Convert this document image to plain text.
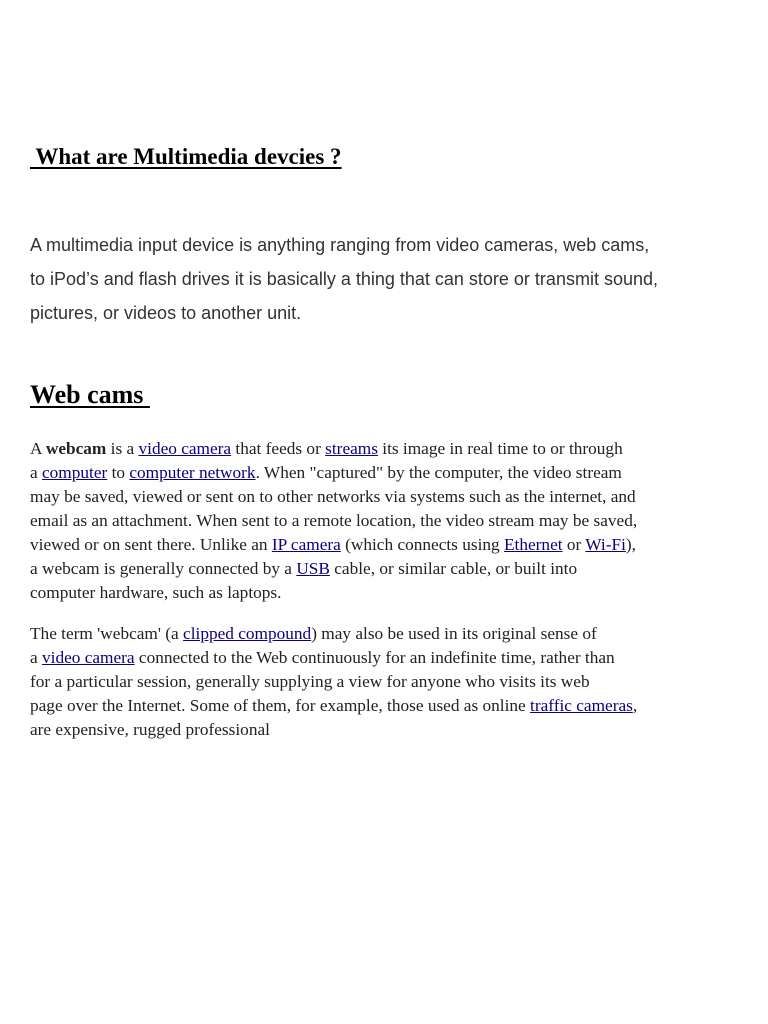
What are Multimedia devcies ?

A multimedia input device is anything ranging from video cameras, web cams,
to iPod’s and flash drives it is basically a thing that can store or transmit sound,
pictures, or videos to another unit.

Web cams

A webcam is a video camera that feeds or streams its image in real time to or through
a computer to computer network. When "captured" by the computer, the video stream
may be saved, viewed or sent on to other networks via systems such as the internet, and
email as an attachment. When sent to a remote location, the video stream may be saved,
viewed or on sent there. Unlike an IP camera (which connects using Ethernet or Wi-Fi),
a webcam is generally connected by a USB cable, or similar cable, or built into
computer hardware, such as laptops.

The term 'webcam' (a clipped compound) may also be used in its original sense of
a video camera connected to the Web continuously for an indefinite time, rather than
for a particular session, generally supplying a view for anyone who visits its web
page over the Internet. Some of them, for example, those used as online traffic cameras,
are expensive, rugged professional
